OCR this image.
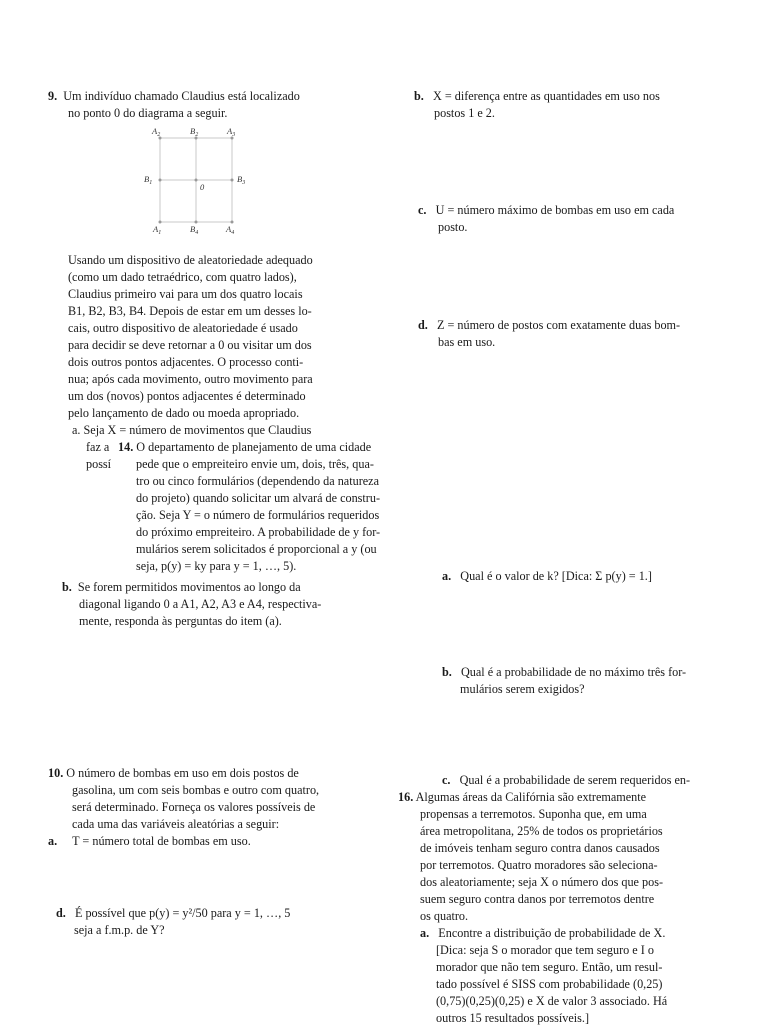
9. Um indivíduo chamado Claudius está localizado

no ponto 0 do diagrama a seguir.

$A_2$	$B_2$	$A_3$
$B_1$	0
$B_3$
$A_1$	$B_4$	$A_4$

Usando um dispositivo de aleatoriedade adequado

(como um dado tetraédrico, com quatro lados),

Claudius primeiro vai para um dos quatro locais

B1, B2, B3, B4. Depois de estar em um desses lo-

cais, outro dispositivo de aleatoriedade é usado

para decidir se deve retornar a 0 ou visitar um dos

dois outros pontos adjacentes. O processo conti-

nua; após cada movimento, outro movimento para

um dos (novos) pontos adjacentes é determinado

pelo lançamento de dado ou moeda apropriado.

a. Seja X = número de movimentos que Claudius

faz a

possí

14. O departamento de planejamento de uma cidade

pede que o empreiteiro envie um, dois, três, qua-

tro ou cinco formulários (dependendo da natureza

do projeto) quando solicitar um alvará de constru-

ção. Seja Y = o número de formulários requeridos

do próximo empreiteiro. A probabilidade de y for-

mulários serem solicitados é proporcional a y (ou

seja, p(y) = ky para y = 1, …, 5).

b. Se forem permitidos movimentos ao longo da

diagonal ligando 0 a A1, A2, A3 e A4, respectiva-

mente, responda às perguntas do item (a).

10. O número de bombas em uso em dois postos de

gasolina, um com seis bombas e outro com quatro,

será determinado. Forneça os valores possíveis de

cada uma das variáveis aleatórias a seguir:

a. T = número total de bombas em uso.

d. É possível que p(y) = y²/50 para y = 1, …, 5

seja a f.m.p. de Y?

b. X = diferença entre as quantidades em uso nos

postos 1 e 2.

c. U = número máximo de bombas em uso em cada

posto.

d. Z = número de postos com exatamente duas bom-

bas em uso.

a. Qual é o valor de k? [Dica: Σ p(y) = 1.]

b. Qual é a probabilidade de no máximo três for-

mulários serem exigidos?

c. Qual é a probabilidade de serem requeridos en-

16. Algumas áreas da Califórnia são extremamente

propensas a terremotos. Suponha que, em uma

área metropolitana, 25% de todos os proprietários

de imóveis tenham seguro contra danos causados

por terremotos. Quatro moradores são seleciona-

dos aleatoriamente; seja X o número dos que pos-

suem seguro contra danos por terremotos dentre

os quatro.

a. Encontre a distribuição de probabilidade de X.

[Dica: seja S o morador que tem seguro e I o

morador que não tem seguro. Então, um resul-

tado possível é SISS com probabilidade (0,25)

(0,75)(0,25)(0,25) e X de valor 3 associado. Há

outros 15 resultados possíveis.]
